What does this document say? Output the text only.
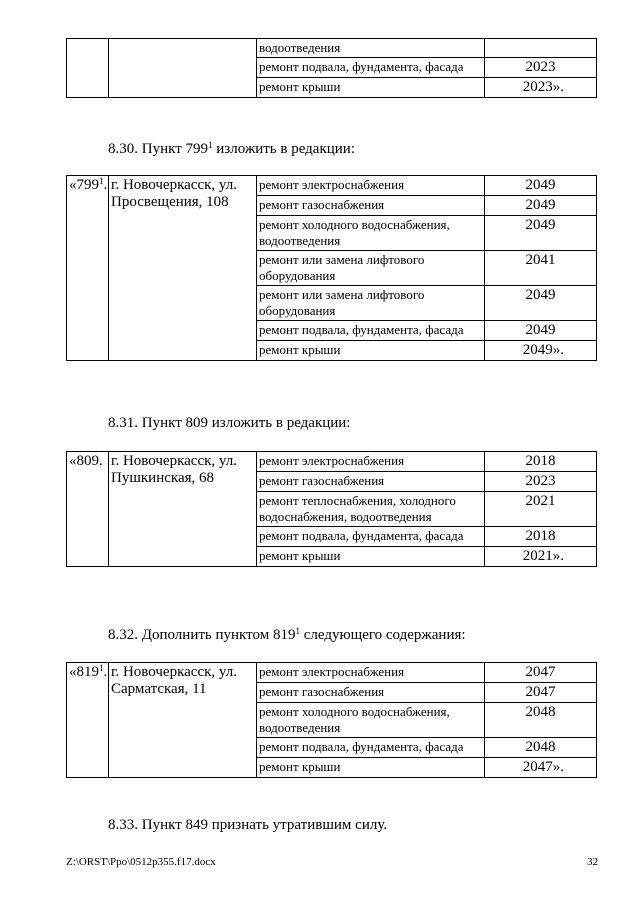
		водоотведения	
		ремонт подвала, фундамента, фасада	2023
		ремонт крыши	2023».
8.30. Пункт $799^1$ изложить в редакции:
«$799^1$.	г. Новочеркасск, ул. Просвещения, 108	ремонт электроснабжения	2049
		ремонт газоснабжения	2049
		ремонт холодного водоснабжения, водоотведения	2049
		ремонт или замена лифтового оборудования	2041
		ремонт или замена лифтового оборудования	2049
		ремонт подвала, фундамента, фасада	2049
		ремонт крыши	2049».
8.31. Пункт 809 изложить в редакции:
«809.	г. Новочеркасск, ул. Пушкинская, 68	ремонт электроснабжения	2018
		ремонт газоснабжения	2023
		ремонт теплоснабжения, холодного водоснабжения, водоотведения	2021
		ремонт подвала, фундамента, фасада	2018
		ремонт крыши	2021».
8.32. Дополнить пунктом $819^1$ следующего содержания:
«$819^1$.	г. Новочеркасск, ул. Сарматская, 11	ремонт электроснабжения	2047
		ремонт газоснабжения	2047
		ремонт холодного водоснабжения, водоотведения	2048
		ремонт подвала, фундамента, фасада	2048
		ремонт крыши	2047».
8.33. Пункт 849 признать утратившим силу.
Z:\ORST\Ppo\0512p355.f17.docx	32
